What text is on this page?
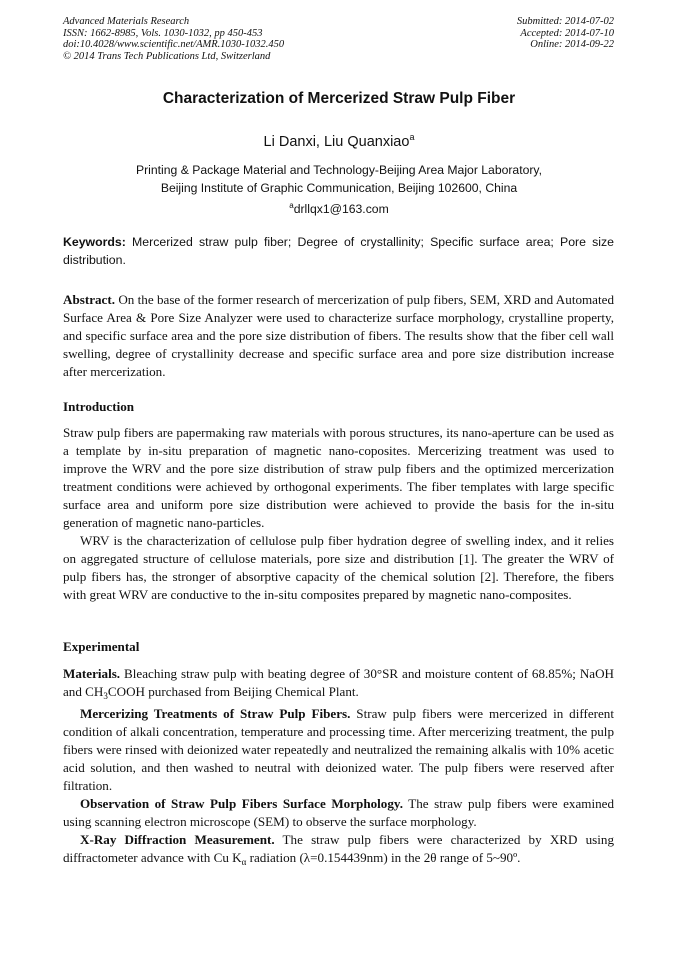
Advanced Materials Research
ISSN: 1662-8985, Vols. 1030-1032, pp 450-453
doi:10.4028/www.scientific.net/AMR.1030-1032.450
© 2014 Trans Tech Publications Ltd, Switzerland
Submitted: 2014-07-02
Accepted: 2014-07-10
Online: 2014-09-22
Characterization of Mercerized Straw Pulp Fiber
Li Danxi, Liu Quanxiao$^a$
Printing & Package Material and Technology-Beijing Area Major Laboratory,
Beijing Institute of Graphic Communication, Beijing 102600, China
$^a$drllqx1@163.com
Keywords: Mercerized straw pulp fiber; Degree of crystallinity; Specific surface area; Pore size distribution.

Abstract. On the base of the former research of mercerization of pulp fibers, SEM, XRD and Automated Surface Area & Pore Size Analyzer were used to characterize surface morphology, crystalline property, and specific surface area and the pore size distribution of fibers. The results show that the fiber cell wall swelling, degree of crystallinity decrease and specific surface area and pore size distribution increase after mercerization.

Introduction

Straw pulp fibers are papermaking raw materials with porous structures, its nano-aperture can be used as a template by in-situ preparation of magnetic nano-coposites. Mercerizing treatment was used to improve the WRV and the pore size distribution of straw pulp fibers and the optimized mercerization treatment conditions were achieved by orthogonal experiments. The fiber templates with large specific surface area and uniform pore size distribution were achieved to provide the basis for the in-situ generation of magnetic nano-particles.

WRV is the characterization of cellulose pulp fiber hydration degree of swelling index, and it relies on aggregated structure of cellulose materials, pore size and distribution [1]. The greater the WRV of pulp fibers has, the stronger of absorptive capacity of the chemical solution [2]. Therefore, the fibers with great WRV are conductive to the in-situ composites prepared by magnetic nano-composites.

Experimental

Materials. Bleaching straw pulp with beating degree of 30°SR and moisture content of 68.85%; NaOH and $CH_3COOH$ purchased from Beijing Chemical Plant.

Mercerizing Treatments of Straw Pulp Fibers. Straw pulp fibers were mercerized in different condition of alkali concentration, temperature and processing time. After mercerizing treatment, the pulp fibers were rinsed with deionized water repeatedly and neutralized the remaining alkalis with 10% acetic acid solution, and then washed to neutral with deionized water. The pulp fibers were reserved after filtration.

Observation of Straw Pulp Fibers Surface Morphology. The straw pulp fibers were examined using scanning electron microscope (SEM) to observe the surface morphology.

X-Ray Diffraction Measurement. The straw pulp fibers were characterized by XRD using diffractometer advance with Cu $K_\alpha$ radiation (λ=0.154439nm) in the 2θ range of 5~90º.
